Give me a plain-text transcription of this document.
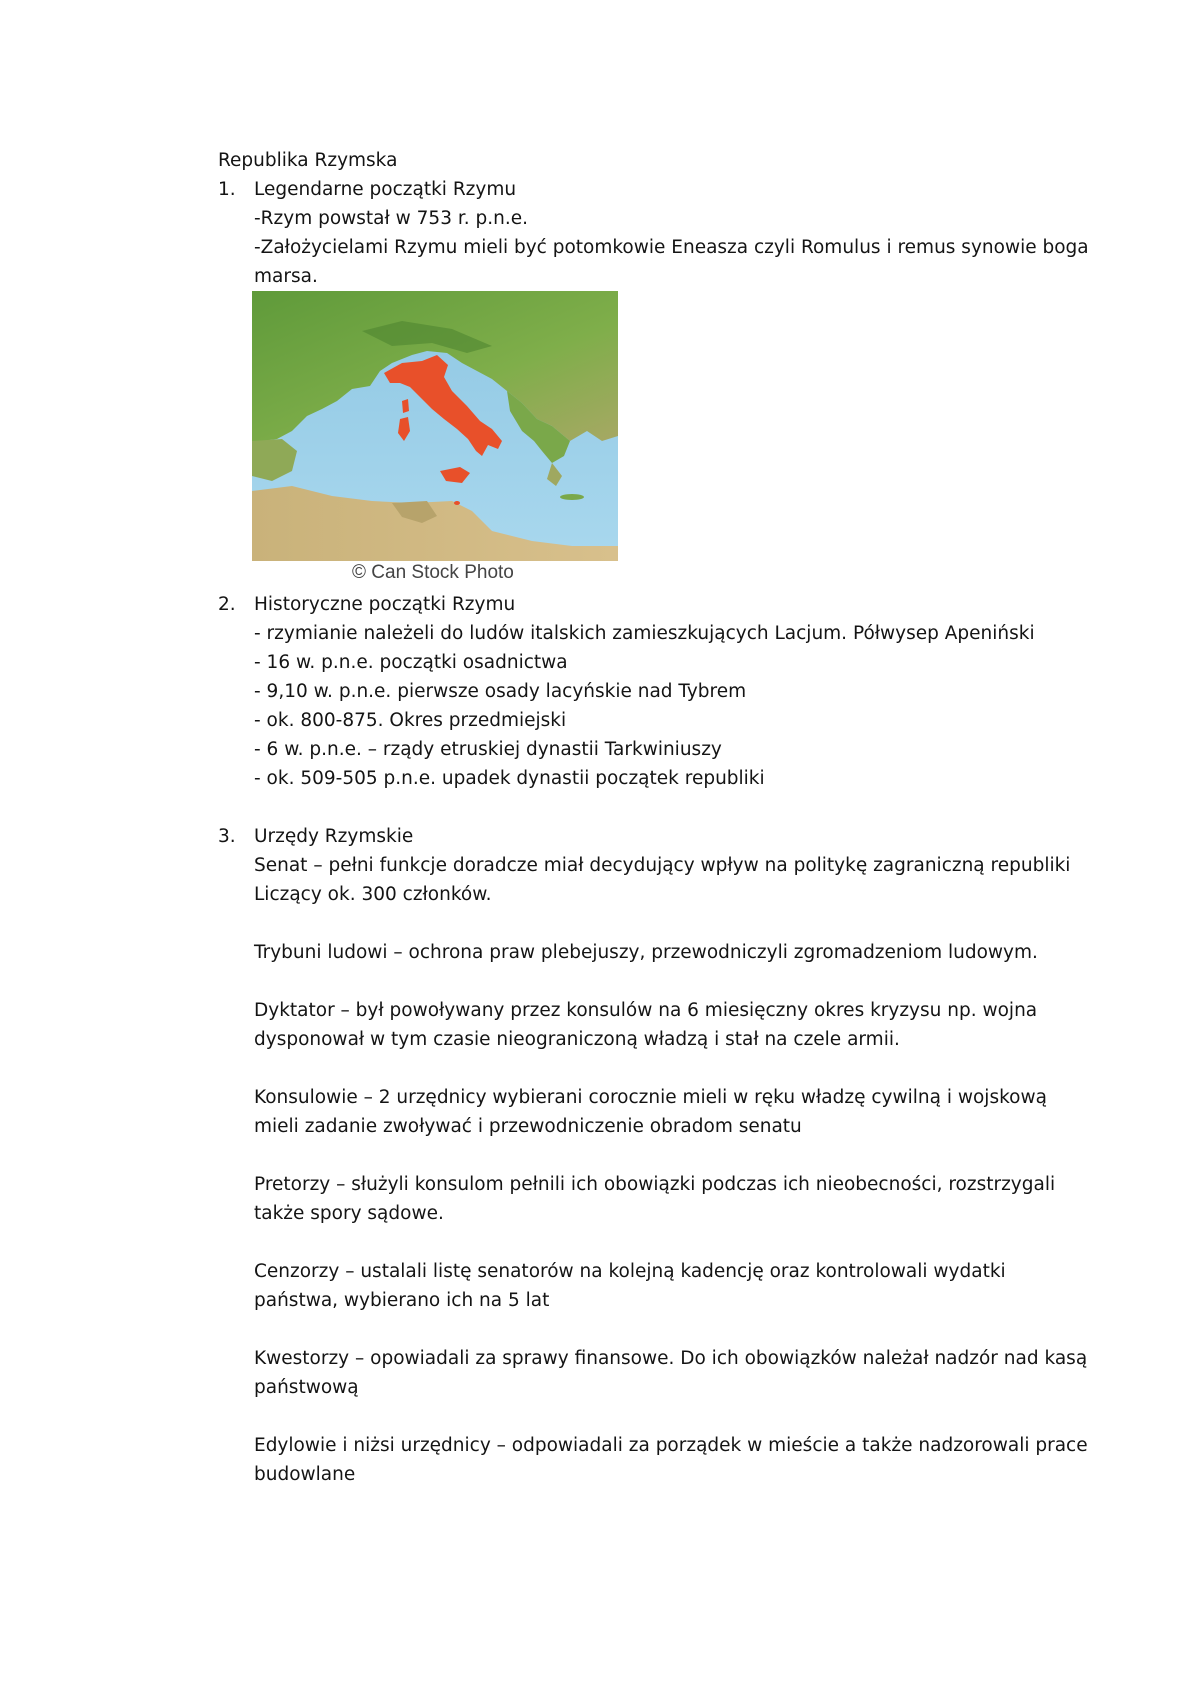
Republika Rzymska
1. Legendarne początki Rzymu
-Rzym powstał w 753 r. p.n.e.
-Założycielami Rzymu mieli być potomkowie Eneasza czyli Romulus i remus synowie boga
marsa.
© Can Stock Photo
2. Historyczne początki Rzymu
- rzymianie należeli do ludów italskich zamieszkujących Lacjum. Półwysep Apeniński
- 16 w. p.n.e. początki osadnictwa
- 9,10 w. p.n.e. pierwsze osady lacyńskie nad Tybrem
- ok. 800-875. Okres przedmiejski
- 6 w. p.n.e. – rządy etruskiej dynastii Tarkwiniuszy
- ok. 509-505 p.n.e. upadek dynastii początek republiki
3. Urzędy Rzymskie
Senat – pełni funkcje doradcze miał decydujący wpływ na politykę zagraniczną republiki
Liczący ok. 300 członków.
Trybuni ludowi – ochrona praw plebejuszy, przewodniczyli zgromadzeniom ludowym.
Dyktator – był powoływany przez konsulów na 6 miesięczny okres kryzysu np. wojna
dysponował w tym czasie nieograniczoną władzą i stał na czele armii.
Konsulowie – 2 urzędnicy wybierani corocznie mieli w ręku władzę cywilną i wojskową
mieli zadanie zwoływać i przewodniczenie obradom senatu
Pretorzy – służyli konsulom pełnili ich obowiązki podczas ich nieobecności, rozstrzygali
także spory sądowe.
Cenzorzy – ustalali listę senatorów na kolejną kadencję oraz kontrolowali wydatki
państwa, wybierano ich na 5 lat
Kwestorzy – opowiadali za sprawy finansowe. Do ich obowiązków należał nadzór nad kasą
państwową
Edylowie i niżsi urzędnicy – odpowiadali za porządek w mieście a także nadzorowali prace
budowlane
